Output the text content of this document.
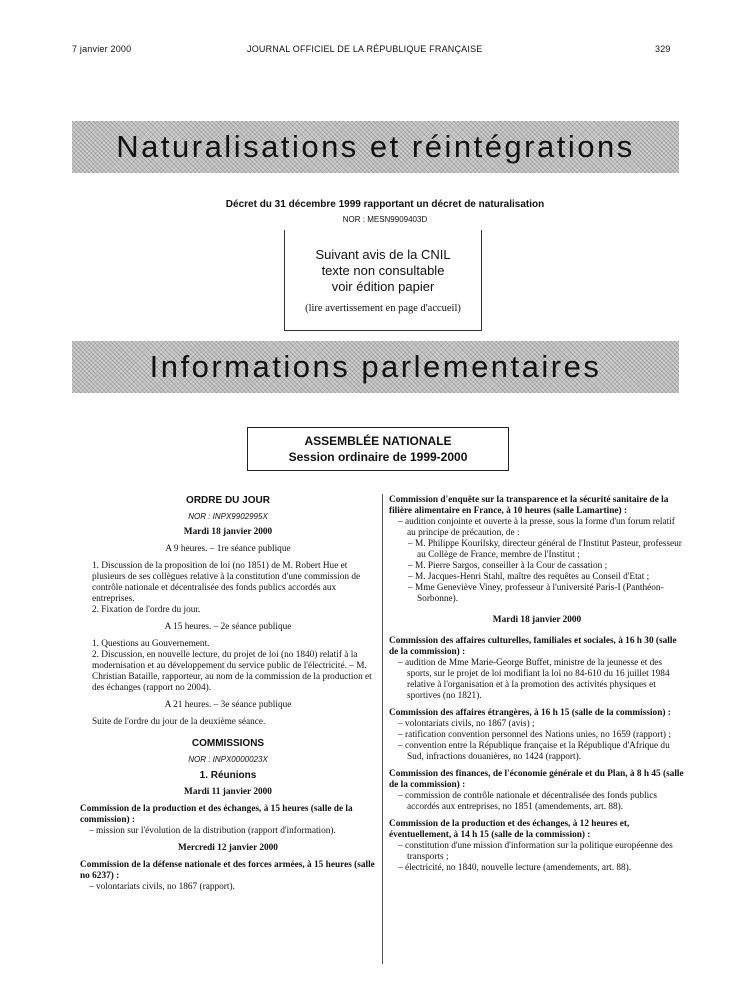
7 janvier 2000	JOURNAL OFFICIEL DE LA RÉPUBLIQUE FRANÇAISE	329
Naturalisations et réintégrations
Décret du 31 décembre 1999 rapportant un décret de naturalisation
NOR : MESN9909403D
Suivant avis de la CNIL
texte non consultable
voir édition papier
(lire avertissement en page d'accueil)
Informations parlementaires
ASSEMBLÉE NATIONALE
Session ordinaire de 1999-2000

ORDRE DU JOUR

NOR : INPX9902995X

Mardi 18 janvier 2000

A 9 heures. – 1re séance publique

1. Discussion de la proposition de loi (no 1851) de M. Robert Hue et plusieurs de ses collègues relative à la constitution d'une commission de contrôle nationale et décentralisée des fonds publics accordés aux entreprises.

2. Fixation de l'ordre du jour.

A 15 heures. – 2e séance publique

1. Questions au Gouvernement.

2. Discussion, en nouvelle lecture, du projet de loi (no 1840) relatif à la modernisation et au développement du service public de l'électricité. – M. Christian Bataille, rapporteur, au nom de la commission de la production et des échanges (rapport no 2004).

A 21 heures. – 3e séance publique

Suite de l'ordre du jour de la deuxième séance.

COMMISSIONS

NOR : INPX0000023X

1. Réunions

Mardi 11 janvier 2000

Commission de la production et des échanges, à 15 heures (salle de la commission) :

– mission sur l'évolution de la distribution (rapport d'information).

Mercredi 12 janvier 2000

Commission de la défense nationale et des forces armées, à 15 heures (salle no 6237) :

– volontariats civils, no 1867 (rapport).

Commission d'enquête sur la transparence et la sécurité sanitaire de la filière alimentaire en France, à 10 heures (salle Lamartine) :

– audition conjointe et ouverte à la presse, sous la forme d'un forum relatif au principe de précaution, de :

– M. Philippe Kourilsky, directeur général de l'Institut Pasteur, professeur au Collège de France, membre de l'Institut ;

– M. Pierre Sargos, conseiller à la Cour de cassation ;

– M. Jacques-Henri Stahl, maître des requêtes au Conseil d'Etat ;

– Mme Geneviève Viney, professeur à l'université Paris-I (Panthéon-Sorbonne).

Mardi 18 janvier 2000

Commission des affaires culturelles, familiales et sociales, à 16 h 30 (salle de la commission) :

– audition de Mme Marie-George Buffet, ministre de la jeunesse et des sports, sur le projet de loi modifiant la loi no 84-610 du 16 juillet 1984 relative à l'organisation et à la promotion des activités physiques et sportives (no 1821).

Commission des affaires étrangères, à 16 h 15 (salle de la commission) :

– volontariats civils, no 1867 (avis) ;

– ratification convention personnel des Nations unies, no 1659 (rapport) ;

– convention entre la République française et la République d'Afrique du Sud, infractions douanières, no 1424 (rapport).

Commission des finances, de l'économie générale et du Plan, à 8 h 45 (salle de la commission) :

– commission de contrôle nationale et décentralisée des fonds publics accordés aux entreprises, no 1851 (amendements, art. 88).

Commission de la production et des échanges, à 12 heures et, éventuellement, à 14 h 15 (salle de la commission) :

– constitution d'une mission d'information sur la politique européenne des transports ;

– électricité, no 1840, nouvelle lecture (amendements, art. 88).
